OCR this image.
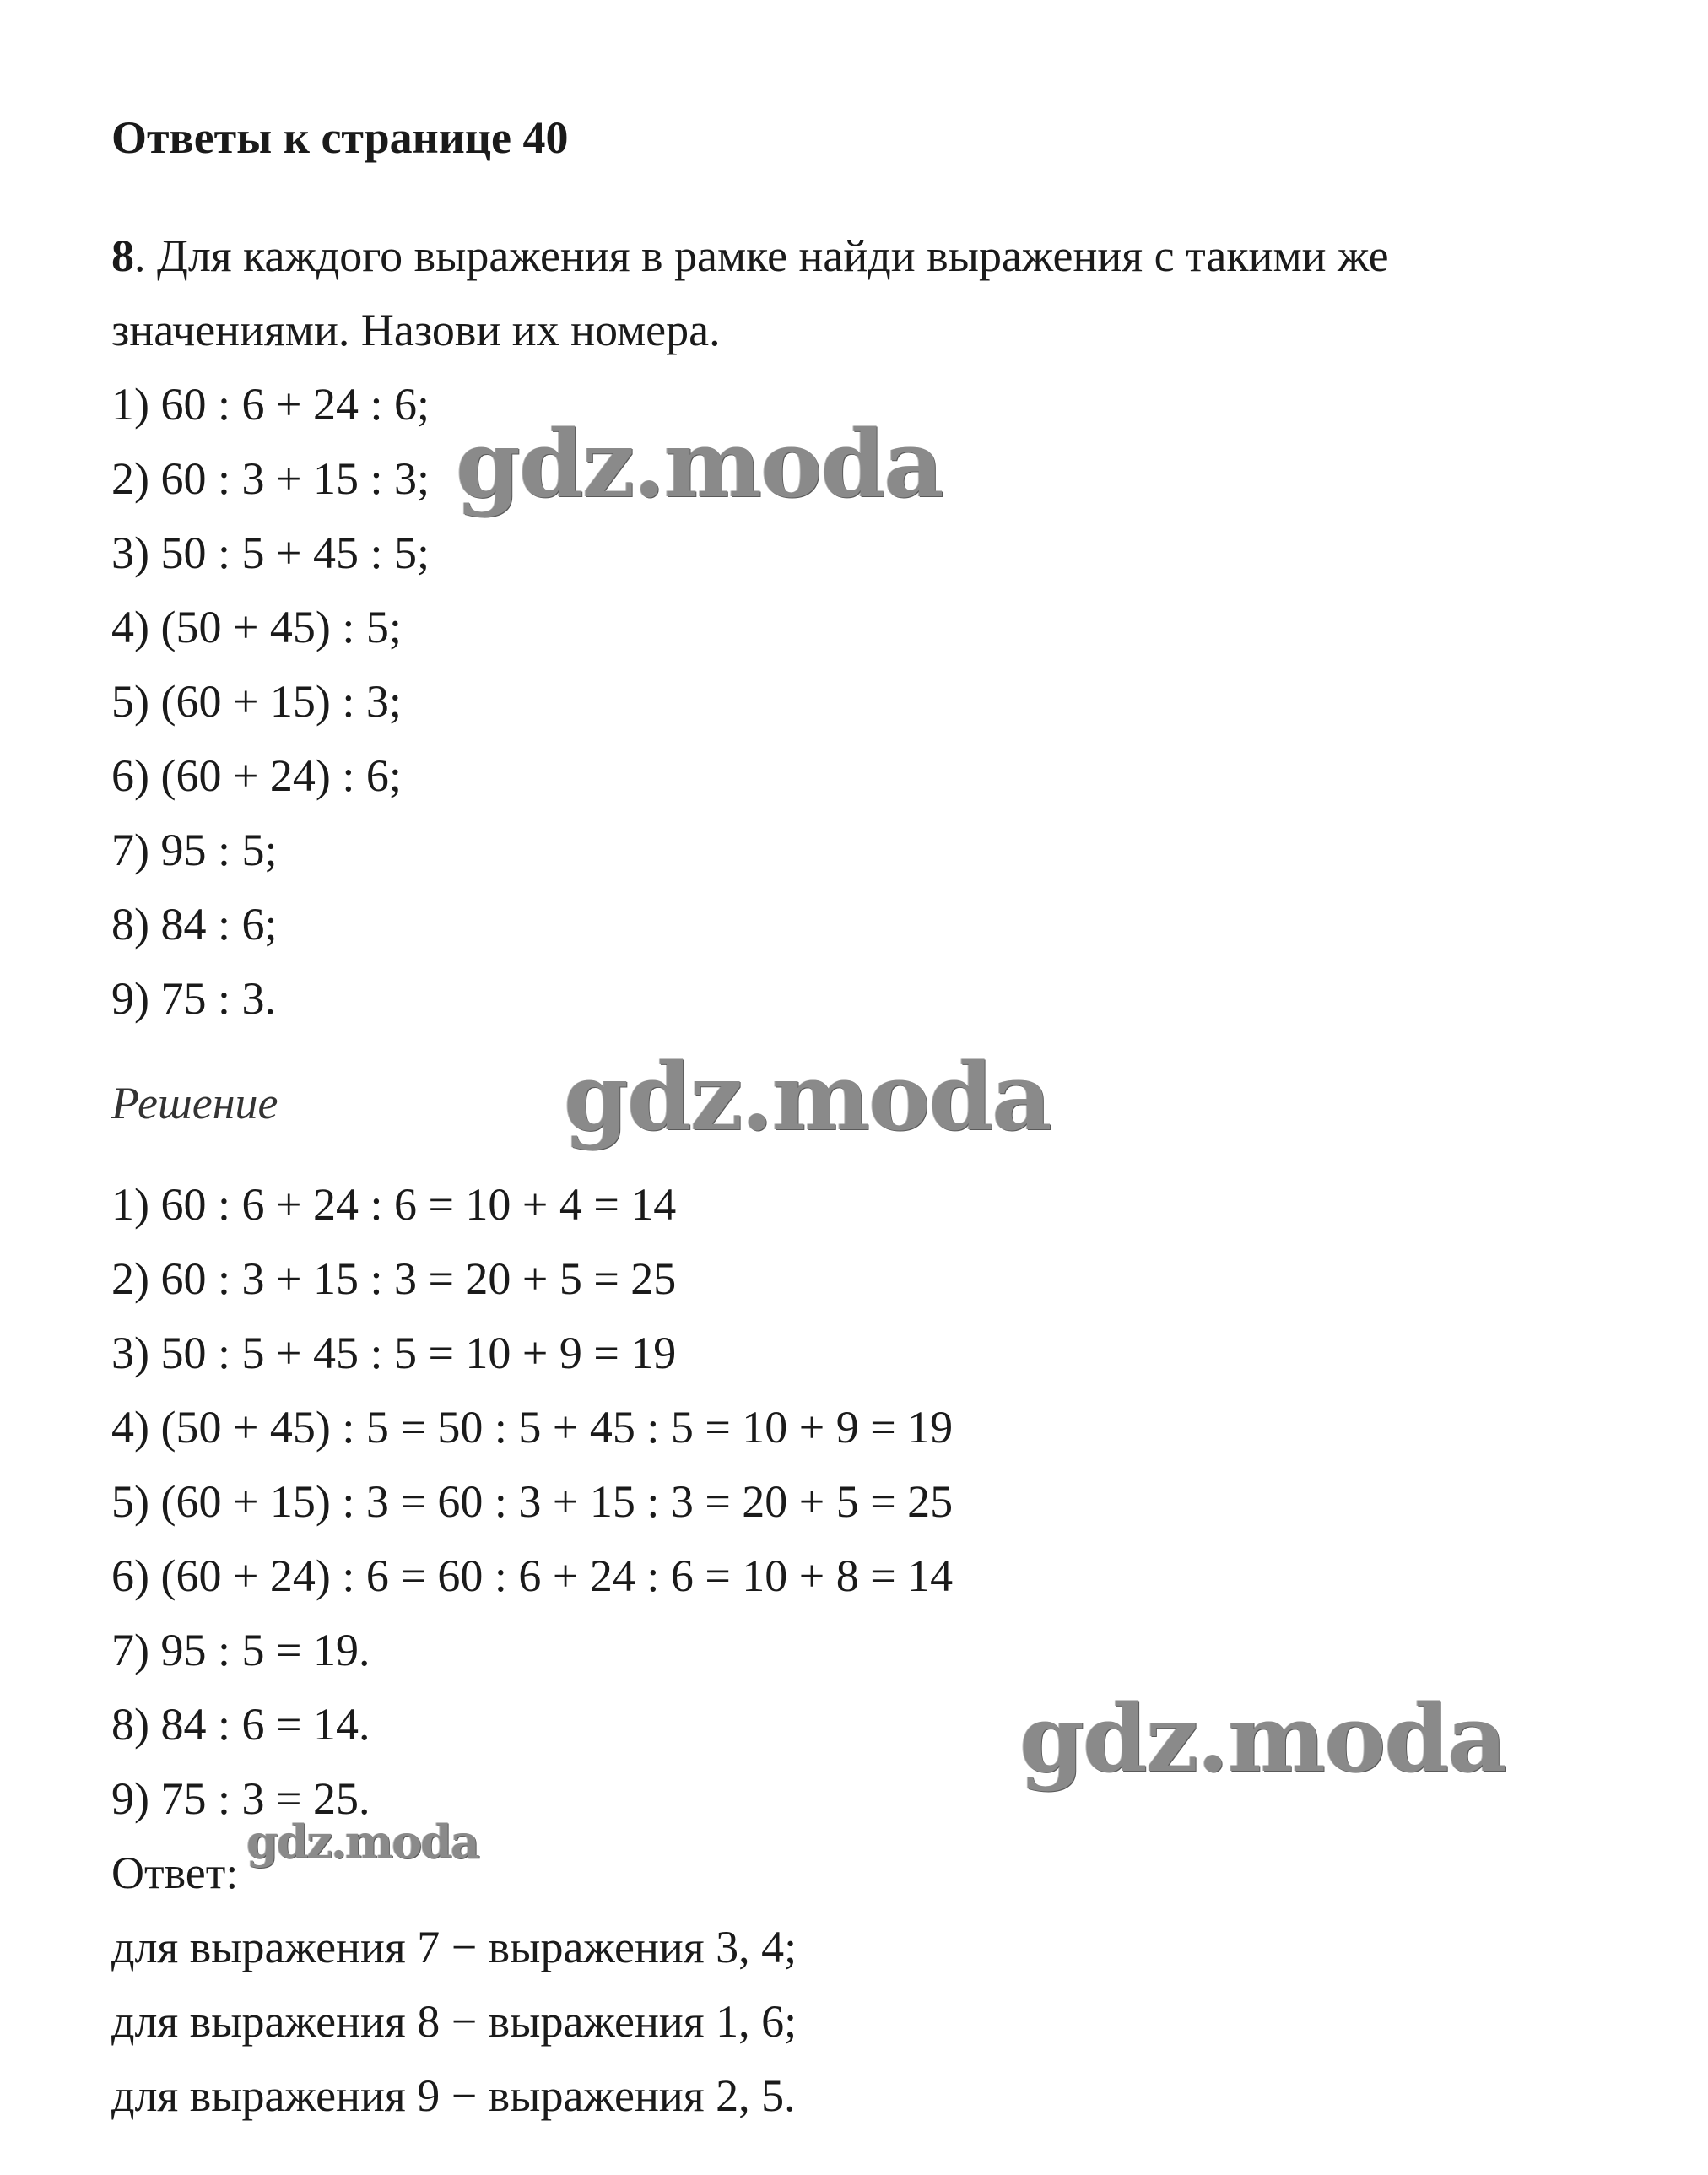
Ответы к странице 40
8. Для каждого выражения в рамке найди выражения с такими же
значениями. Назови их номера.
1) 60 : 6 + 24 : 6;
2) 60 : 3 + 15 : 3;
3) 50 : 5 + 45 : 5;
4) (50 + 45) : 5;
5) (60 + 15) : 3;
6) (60 + 24) : 6;
7) 95 : 5;
8) 84 : 6;
9) 75 : 3.
Решение
1) 60 : 6 + 24 : 6 = 10 + 4 = 14
2) 60 : 3 + 15 : 3 = 20 + 5 = 25
3) 50 : 5 + 45 : 5 = 10 + 9 = 19
4) (50 + 45) : 5 = 50 : 5 + 45 : 5 = 10 + 9 = 19
5) (60 + 15) : 3 = 60 : 3 + 15 : 3 = 20 + 5 = 25
6) (60 + 24) : 6 = 60 : 6 + 24 : 6 = 10 + 8 = 14
7) 95 : 5 = 19.
8) 84 : 6 = 14.
9) 75 : 3 = 25.
Ответ:
для выражения 7 − выражения 3, 4;
для выражения 8 − выражения 1, 6;
для выражения 9 − выражения 2, 5.
gdz.moda
gdz.moda
gdz.moda
gdz.moda
